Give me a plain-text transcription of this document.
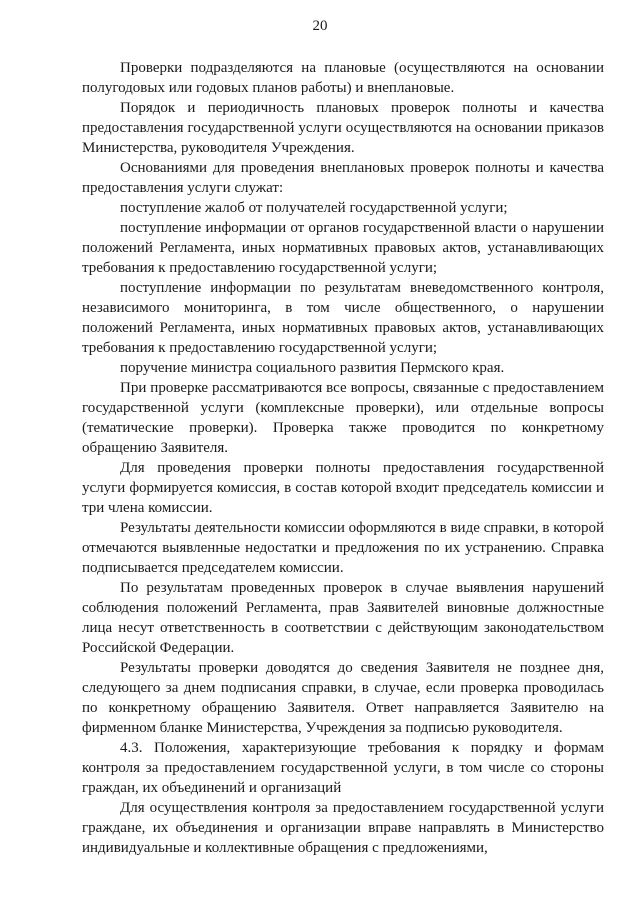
20

Проверки подразделяются на плановые (осуществляются на основании полугодовых или годовых планов работы) и внеплановые.

Порядок и периодичность плановых проверок полноты и качества предоставления государственной услуги осуществляются на основании приказов Министерства, руководителя Учреждения.

Основаниями для проведения внеплановых проверок полноты и качества предоставления услуги служат:

поступление жалоб от получателей государственной услуги;

поступление информации от органов государственной власти о нарушении положений Регламента, иных нормативных правовых актов, устанавливающих требования к предоставлению государственной услуги;

поступление информации по результатам вневедомственного контроля, независимого мониторинга, в том числе общественного, о нарушении положений Регламента, иных нормативных правовых актов, устанавливающих требования к предоставлению государственной услуги;

поручение министра социального развития Пермского края.

При проверке рассматриваются все вопросы, связанные с предоставлением государственной услуги (комплексные проверки), или отдельные вопросы (тематические проверки). Проверка также проводится по конкретному обращению Заявителя.

Для проведения проверки полноты предоставления государственной услуги формируется комиссия, в состав которой входит председатель комиссии и три члена комиссии.

Результаты деятельности комиссии оформляются в виде справки, в которой отмечаются выявленные недостатки и предложения по их устранению. Справка подписывается председателем комиссии.

По результатам проведенных проверок в случае выявления нарушений соблюдения положений Регламента, прав Заявителей виновные должностные лица несут ответственность в соответствии с действующим законодательством Российской Федерации.

Результаты проверки доводятся до сведения Заявителя не позднее дня, следующего за днем подписания справки, в случае, если проверка проводилась по конкретному обращению Заявителя. Ответ направляется Заявителю на фирменном бланке Министерства, Учреждения за подписью руководителя.

4.3. Положения, характеризующие требования к порядку и формам контроля за предоставлением государственной услуги, в том числе со стороны граждан, их объединений и организаций

Для осуществления контроля за предоставлением государственной услуги граждане, их объединения и организации вправе направлять в Министерство индивидуальные и коллективные обращения с предложениями,
